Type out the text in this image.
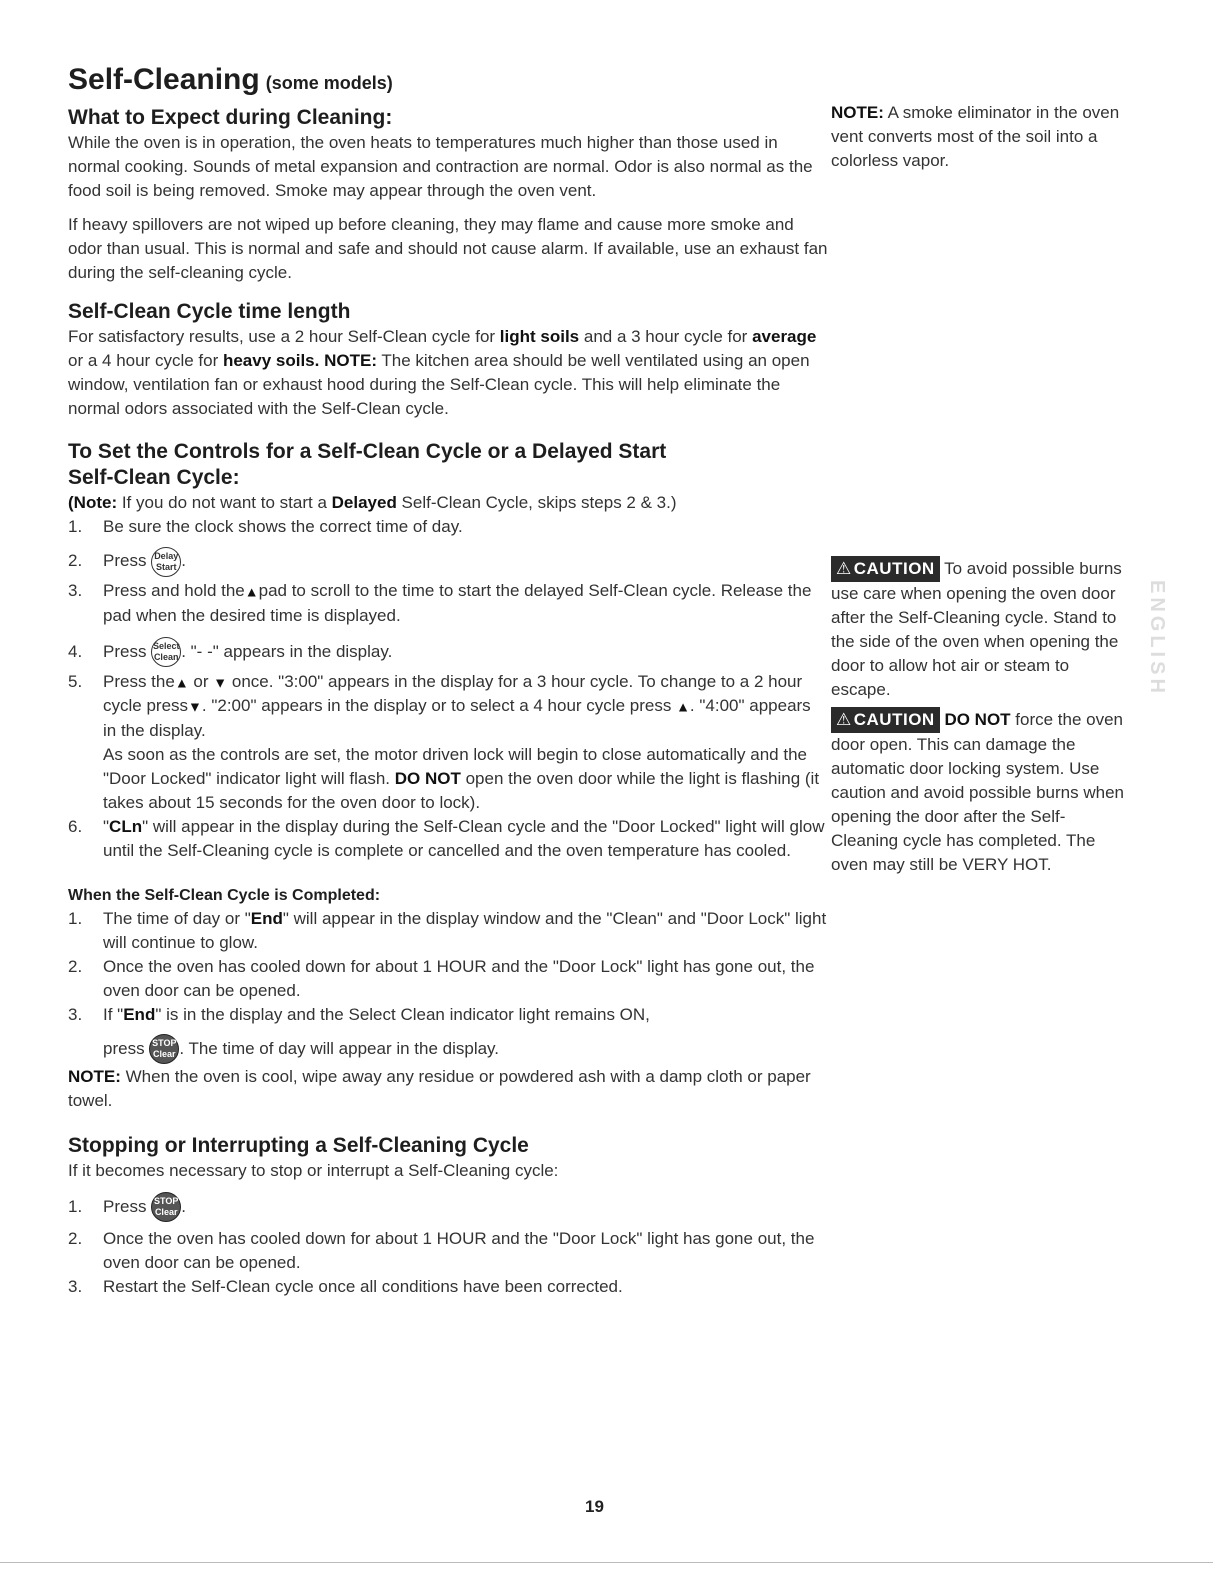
Self-Cleaning (some models)
What to Expect during Cleaning:

While the oven is in operation, the oven heats to temperatures much higher than those used in normal cooking. Sounds of metal expansion and contraction are normal. Odor is also normal as the food soil is being removed. Smoke may appear through the oven vent.

If heavy spillovers are not wiped up before cleaning, they may flame and cause more smoke and odor than usual. This is normal and safe and should not cause alarm. If available, use an exhaust fan during the self-cleaning cycle.

Self-Clean Cycle time length

For satisfactory results, use a 2 hour Self-Clean cycle for light soils and a 3 hour cycle for average or a 4 hour cycle for heavy soils. NOTE: The kitchen area should be well ventilated using an open window, ventilation fan or exhaust hood during the Self-Clean cycle. This will help eliminate the normal odors associated with the Self-Clean cycle.

To Set the Controls for a Self-Clean Cycle or a Delayed Start
Self-Clean Cycle:

(Note: If you do not want to start a Delayed Self-Clean Cycle, skips steps 2 & 3.)

1. Be sure the clock shows the correct time of day.
2. Press Delay Start .
3. Press and hold the▲pad to scroll to the time to start the delayed Self-Clean cycle. Release the pad when the desired time is displayed.
4. Press Select Clean . "- -" appears in the display.
5. Press the▲ or ▼ once. "3:00" appears in the display for a 3 hour cycle. To change to a 2 hour cycle press▼. "2:00" appears in the display or to select a 4 hour cycle press ▲. "4:00" appears in the display.
As soon as the controls are set, the motor driven lock will begin to close automatically and the "Door Locked" indicator light will flash. DO NOT open the oven door while the light is flashing (it takes about 15 seconds for the oven door to lock).
6. "CLn" will appear in the display during the Self-Clean cycle and the "Door Locked" light will glow until the Self-Cleaning cycle is complete or cancelled and the oven temperature has cooled.
When the Self-Clean Cycle is Completed:
1. The time of day or "End" will appear in the display window and the "Clean" and "Door Lock" light will continue to glow.
2. Once the oven has cooled down for about 1 HOUR and the "Door Lock" light has gone out, the oven door can be opened.
3. If "End" is in the display and the Select Clean indicator light remains ON,
press STOP Clear . The time of day will appear in the display.

NOTE: When the oven is cool, wipe away any residue or powdered ash with a damp cloth or paper towel.

Stopping or Interrupting a Self-Cleaning Cycle

If it becomes necessary to stop or interrupt a Self-Cleaning cycle:

1. Press STOP Clear .
2. Once the oven has cooled down for about 1 HOUR and the "Door Lock" light has gone out, the oven door can be opened.
3. Restart the Self-Clean cycle once all conditions have been corrected.

NOTE: A smoke eliminator in the oven vent converts most of the soil into a colorless vapor.

⚠ CAUTION To avoid possible burns use care when opening the oven door after the Self-Cleaning cycle. Stand to the side of the oven when opening the door to allow hot air or steam to escape.

⚠ CAUTION DO NOT force the oven door open. This can damage the automatic door locking system. Use caution and avoid possible burns when opening the door after the Self-Cleaning cycle has completed. The oven may still be VERY HOT.

ENGLISH
19
